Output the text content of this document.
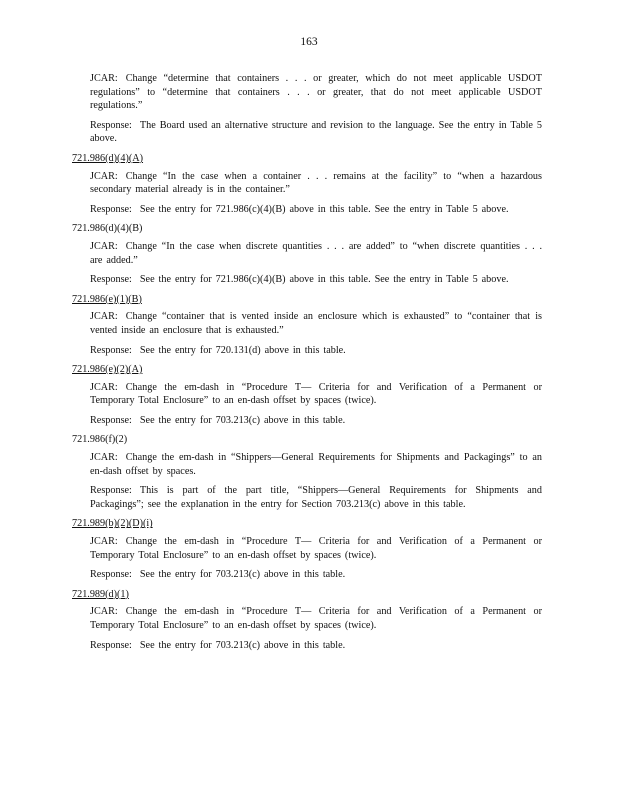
163

JCAR: Change “determine that containers . . . or greater, which do not meet applicable USDOT regulations” to “determine that containers . . . or greater, that do not meet applicable USDOT regulations.”

Response: The Board used an alternative structure and revision to the language. See the entry in Table 5 above.

721.986(d)(4)(A)

JCAR: Change “In the case when a container . . . remains at the facility” to “when a hazardous secondary material already is in the container.”

Response: See the entry for 721.986(c)(4)(B) above in this table. See the entry in Table 5 above.

721.986(d)(4)(B)

JCAR: Change “In the case when discrete quantities . . . are added” to “when discrete quantities . . . are added.”

Response: See the entry for 721.986(c)(4)(B) above in this table. See the entry in Table 5 above.

721.986(e)(1)(B)

JCAR: Change “container that is vented inside an enclosure which is exhausted” to “container that is vented inside an enclosure that is exhausted.”

Response: See the entry for 720.131(d) above in this table.

721.986(e)(2)(A)

JCAR: Change the em-dash in “Procedure T— Criteria for and Verification of a Permanent or Temporary Total Enclosure” to an en-dash offset by spaces (twice).

Response: See the entry for 703.213(c) above in this table.

721.986(f)(2)

JCAR: Change the em-dash in “Shippers—General Requirements for Shipments and Packagings” to an en-dash offset by spaces.

Response: This is part of the part title, “Shippers—General Requirements for Shipments and Packagings”; see the explanation in the entry for Section 703.213(c) above in this table.

721.989(b)(2)(D)(i)

JCAR: Change the em-dash in “Procedure T— Criteria for and Verification of a Permanent or Temporary Total Enclosure” to an en-dash offset by spaces (twice).

Response: See the entry for 703.213(c) above in this table.

721.989(d)(1)

JCAR: Change the em-dash in “Procedure T— Criteria for and Verification of a Permanent or Temporary Total Enclosure” to an en-dash offset by spaces (twice).

Response: See the entry for 703.213(c) above in this table.
